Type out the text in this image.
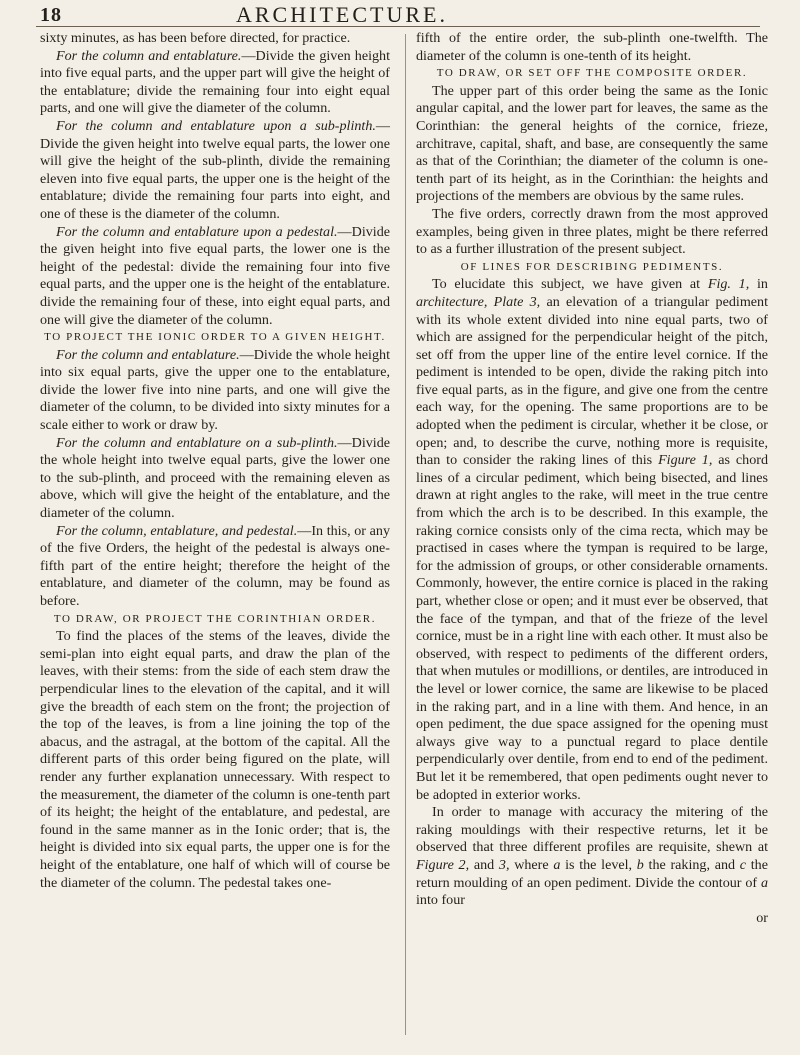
18	ARCHITECTURE.

sixty minutes, as has been before directed, for practice.

For the column and entablature.—Divide the given height into five equal parts, and the upper part will give the height of the entablature; divide the remaining four into eight equal parts, and one will give the diameter of the column.

For the column and entablature upon a sub-plinth.—Divide the given height into twelve equal parts, the lower one will give the height of the sub-plinth, divide the remaining eleven into five equal parts, the upper one is the height of the entablature; divide the remaining four parts into eight, and one of these is the diameter of the column.

For the column and entablature upon a pedestal.—Divide the given height into five equal parts, the lower one is the height of the pedestal: divide the remaining four into five equal parts, and the upper one is the height of the entablature. divide the remaining four of these, into eight equal parts, and one will give the diameter of the column.

TO PROJECT THE IONIC ORDER TO A GIVEN HEIGHT.

For the column and entablature.—Divide the whole height into six equal parts, give the upper one to the entablature, divide the lower five into nine parts, and one will give the diameter of the column, to be divided into sixty minutes for a scale either to work or draw by.

For the column and entablature on a sub-plinth.—Divide the whole height into twelve equal parts, give the lower one to the sub-plinth, and proceed with the remaining eleven as above, which will give the height of the entablature, and the diameter of the column.

For the column, entablature, and pedestal.—In this, or any of the five Orders, the height of the pedestal is always one-fifth part of the entire height; therefore the height of the entablature, and diameter of the column, may be found as before.

TO DRAW, OR PROJECT THE CORINTHIAN ORDER.

To find the places of the stems of the leaves, divide the semi-plan into eight equal parts, and draw the plan of the leaves, with their stems: from the side of each stem draw the perpendicular lines to the elevation of the capital, and it will give the breadth of each stem on the front; the projection of the top of the leaves, is from a line joining the top of the abacus, and the astragal, at the bottom of the capital. All the different parts of this order being figured on the plate, will render any further explanation unnecessary. With respect to the measurement, the diameter of the column is one-tenth part of its height; the height of the entablature, and pedestal, are found in the same manner as in the Ionic order; that is, the height is divided into six equal parts, the upper one is for the height of the entablature, one half of which will of course be the diameter of the column. The pedestal takes one-

fifth of the entire order, the sub-plinth one-twelfth. The diameter of the column is one-tenth of its height.

TO DRAW, OR SET OFF THE COMPOSITE ORDER.

The upper part of this order being the same as the Ionic angular capital, and the lower part for leaves, the same as the Corinthian: the general heights of the cornice, frieze, architrave, capital, shaft, and base, are consequently the same as that of the Corinthian; the diameter of the column is one-tenth part of its height, as in the Corinthian: the heights and projections of the members are obvious by the same rules.

The five orders, correctly drawn from the most approved examples, being given in three plates, might be there referred to as a further illustration of the present subject.

OF LINES FOR DESCRIBING PEDIMENTS.

To elucidate this subject, we have given at Fig. 1, in architecture, Plate 3, an elevation of a triangular pediment with its whole extent divided into nine equal parts, two of which are assigned for the perpendicular height of the pitch, set off from the upper line of the entire level cornice. If the pediment is intended to be open, divide the raking pitch into five equal parts, as in the figure, and give one from the centre each way, for the opening. The same proportions are to be adopted when the pediment is circular, whether it be close, or open; and, to describe the curve, nothing more is requisite, than to consider the raking lines of this Figure 1, as chord lines of a circular pediment, which being bisected, and lines drawn at right angles to the rake, will meet in the true centre from which the arch is to be described. In this example, the raking cornice consists only of the cima recta, which may be practised in cases where the tympan is required to be large, for the admission of groups, or other considerable ornaments. Commonly, however, the entire cornice is placed in the raking part, whether close or open; and it must ever be observed, that the face of the tympan, and that of the frieze of the level cornice, must be in a right line with each other. It must also be observed, with respect to pediments of the different orders, that when mutules or modillions, or dentiles, are introduced in the level or lower cornice, the same are likewise to be placed in the raking part, and in a line with them. And hence, in an open pediment, the due space assigned for the opening must always give way to a punctual regard to place dentile perpendicularly over dentile, from end to end of the pediment. But let it be remembered, that open pediments ought never to be adopted in exterior works.

In order to manage with accuracy the mitering of the raking mouldings with their respective returns, let it be observed that three different profiles are requisite, shewn at Figure 2, and 3, where a is the level, b the raking, and c the return moulding of an open pediment. Divide the contour of a into four

or
